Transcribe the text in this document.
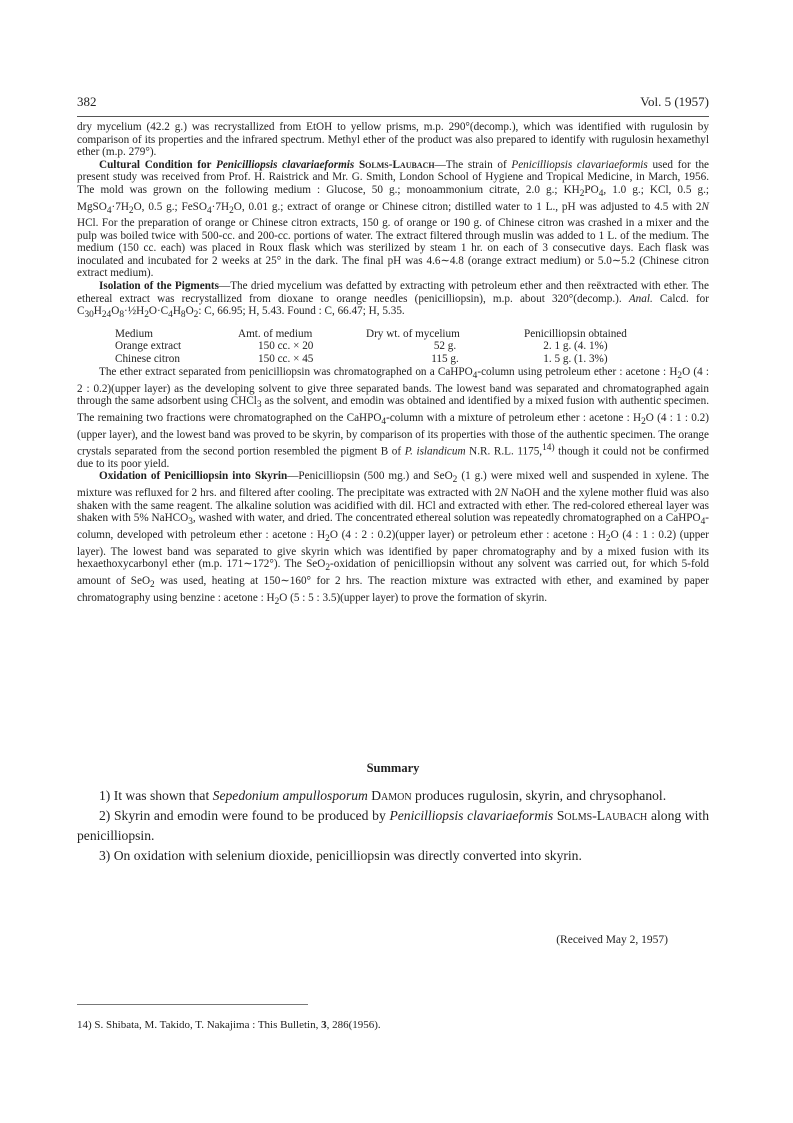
382	Vol. 5 (1957)

dry mycelium (42.2 g.) was recrystallized from EtOH to yellow prisms, m.p. 290°(decomp.), which was identified with rugulosin by comparison of its properties and the infrared spectrum. Methyl ether of the product was also prepared to identify with rugulosin hexamethyl ether (m.p. 279°).

Cultural Condition for Penicilliopsis clavariaeformis Solms-Laubach—The strain of Penicilliopsis clavariaeformis used for the present study was received from Prof. H. Raistrick and Mr. G. Smith, London School of Hygiene and Tropical Medicine, in March, 1956. The mold was grown on the following medium : Glucose, 50 g.; monoammonium citrate, 2.0 g.; $KH_2PO_4$, 1.0 g.; KCl, 0.5 g.; $MgSO_4\cdot 7H_2O$, 0.5 g.; $FeSO_4\cdot 7H_2O$, 0.01 g.; extract of orange or Chinese citron; distilled water to 1 L., pH was adjusted to 4.5 with 2N HCl. For the preparation of orange or Chinese citron extracts, 150 g. of orange or 190 g. of Chinese citron was crashed in a mixer and the pulp was boiled twice with 500-cc. and 200-cc. portions of water. The extract filtered through muslin was added to 1 L. of the medium. The medium (150 cc. each) was placed in Roux flask which was sterilized by steam 1 hr. on each of 3 consecutive days. Each flask was inoculated and incubated for 2 weeks at 25° in the dark. The final pH was 4.6∼4.8 (orange extract medium) or 5.0∼5.2 (Chinese citron extract medium).

Isolation of the Pigments—The dried mycelium was defatted by extracting with petroleum ether and then reëxtracted with ether. The ethereal extract was recrystallized from dioxane to orange needles (penicilliopsin), m.p. about 320°(decomp.). Anal. Calcd. for $C_{30}H_{24}O_8\cdot\frac{1}{2}H_2O\cdot C_4H_8O_2$: C, 66.95; H, 5.43. Found : C, 66.47; H, 5.35.

Medium	Amt. of medium	Dry wt. of mycelium	Penicilliopsin obtained
Orange extract	150 cc. × 20	52 g.	2. 1 g. (4. 1%)
Chinese citron	150 cc. × 45	115 g.	1. 5 g. (1. 3%)

The ether extract separated from penicilliopsin was chromatographed on a CaHPO$_4$-column using petroleum ether : acetone : $H_2O$ (4 : 2 : 0.2)(upper layer) as the developing solvent to give three separated bands. The lowest band was separated and chromatographed again through the same adsorbent using CHCl$_3$ as the solvent, and emodin was obtained and identified by a mixed fusion with authentic specimen. The remaining two fractions were chromatographed on the CaHPO$_4$-column with a mixture of petroleum ether : acetone : $H_2O$ (4 : 1 : 0.2)(upper layer), and the lowest band was proved to be skyrin, by comparison of its properties with those of the authentic specimen. The orange crystals separated from the second portion resembled the pigment B of P. islandicum N.R. R.L. 1175,$^{14)}$ though it could not be confirmed due to its poor yield.

Oxidation of Penicilliopsin into Skyrin—Penicilliopsin (500 mg.) and SeO$_2$ (1 g.) were mixed well and suspended in xylene. The mixture was refluxed for 2 hrs. and filtered after cooling. The precipitate was extracted with 2N NaOH and the xylene mother fluid was also shaken with the same reagent. The alkaline solution was acidified with dil. HCl and extracted with ether. The red-colored ethereal layer was shaken with 5% NaHCO$_3$, washed with water, and dried. The concentrated ethereal solution was repeatedly chromatographed on a CaHPO$_4$-column, developed with petroleum ether : acetone : $H_2O$ (4 : 2 : 0.2)(upper layer) or petroleum ether : acetone : $H_2O$ (4 : 1 : 0.2) (upper layer). The lowest band was separated to give skyrin which was identified by paper chromatography and by a mixed fusion with its hexaethoxycarbonyl ether (m.p. 171∼172°). The SeO$_2$-oxidation of penicilliopsin without any solvent was carried out, for which 5-fold amount of SeO$_2$ was used, heating at 150∼160° for 2 hrs. The reaction mixture was extracted with ether, and examined by paper chromatography using benzine : acetone : $H_2O$ (5 : 5 : 3.5)(upper layer) to prove the formation of skyrin.

Summary

1) It was shown that Sepedonium ampullosporum Damon produces rugulosin, skyrin, and chrysophanol.

2) Skyrin and emodin were found to be produced by Penicilliopsis clavariaeformis Solms-Laubach along with penicilliopsin.

3) On oxidation with selenium dioxide, penicilliopsin was directly converted into skyrin.

(Received May 2, 1957)
14) S. Shibata, M. Takido, T. Nakajima : This Bulletin, 3, 286(1956).
